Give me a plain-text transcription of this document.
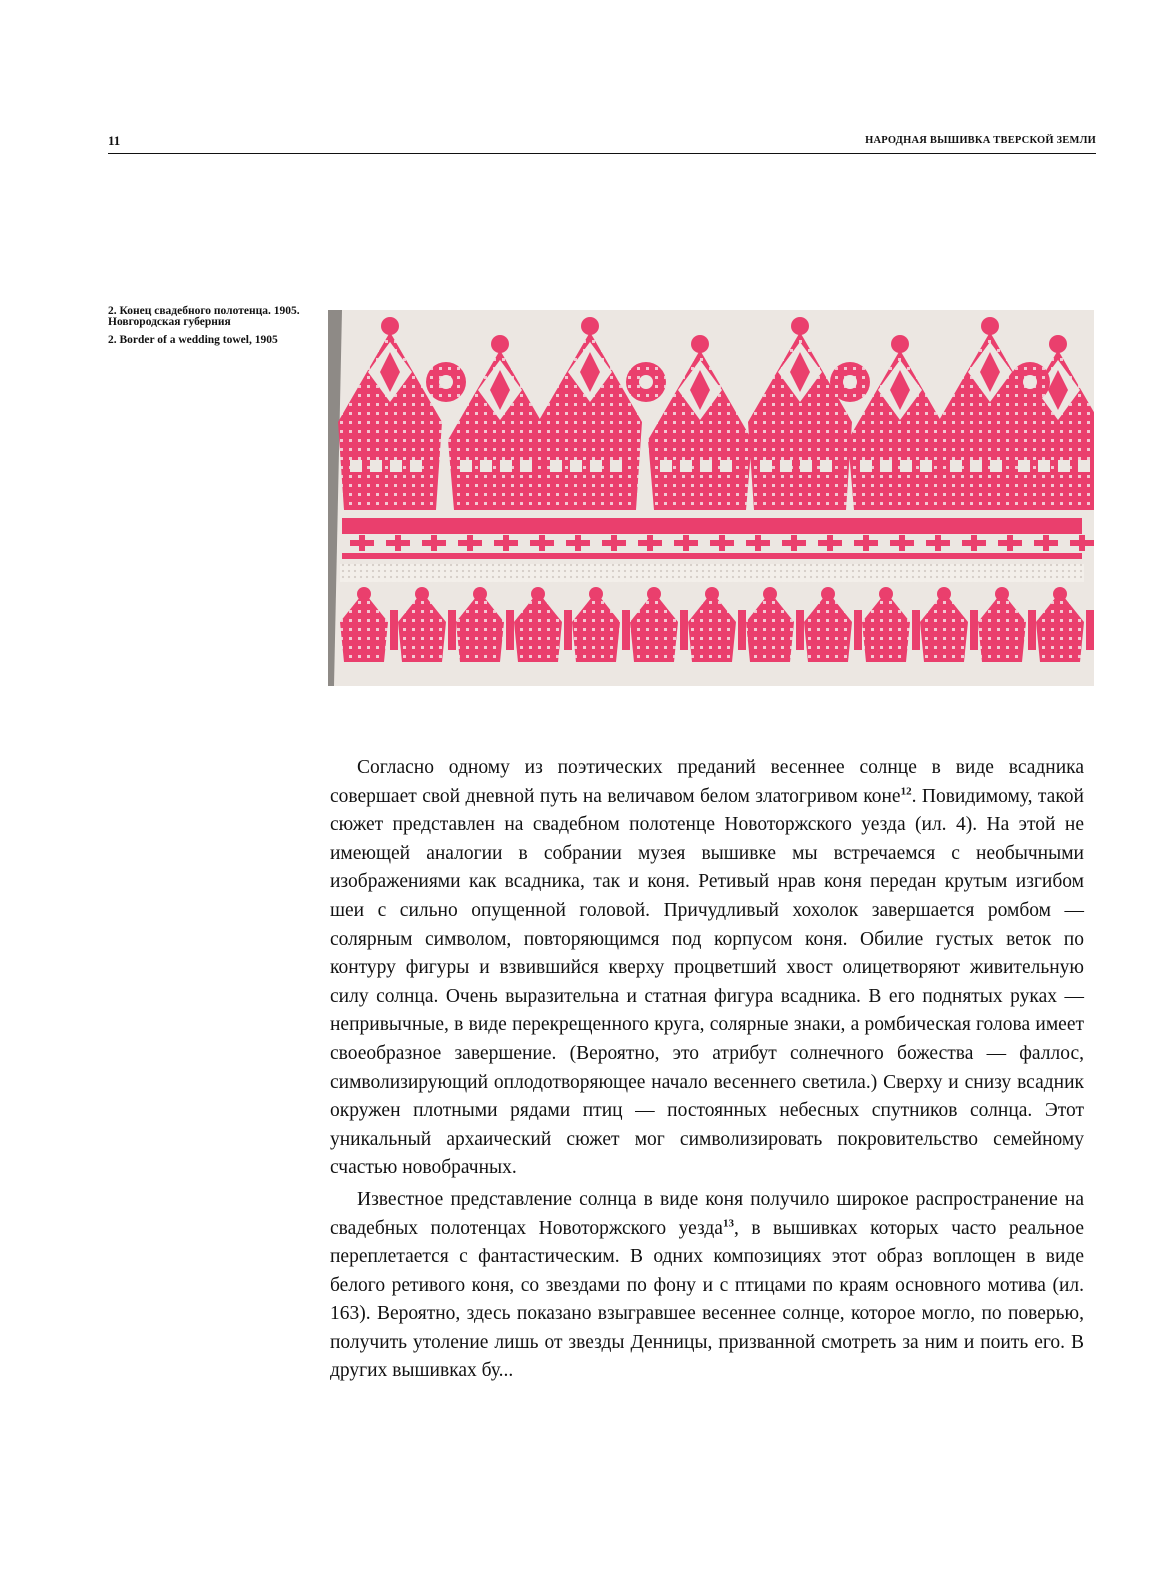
11	НАРОДНАЯ ВЫШИВКА ТВЕРСКОЙ ЗЕМЛИ

2. Конец свадебного полотенца. 1905. Новгородская губерния

2. Border of a wedding towel, 1905

Согласно одному из поэтических преданий весеннее солнце в виде всадника совершает свой дневной путь на величавом белом златогривом коне$^{12}$. Повидимому, такой сюжет представлен на свадебном полотенце Новоторжского уезда (ил. 4). На этой не имеющей аналогии в собрании музея вышивке мы встречаемся с необычными изображениями как всадника, так и коня. Ретивый нрав коня передан крутым изгибом шеи с сильно опущенной головой. Причудливый хохолок завершается ромбом — солярным символом, повторяющимся под корпусом коня. Обилие густых веток по контуру фигуры и взвившийся кверху процветший хвост олицетворяют живительную силу солнца. Очень выразительна и статная фигура всадника. В его поднятых руках — непривычные, в виде перекрещенного круга, солярные знаки, а ромбическая голова имеет своеобразное завершение. (Вероятно, это атрибут солнечного божества — фаллос, символизирующий оплодотворяющее начало весеннего светила.) Сверху и снизу всадник окружен плотными рядами птиц — постоянных небесных спутников солнца. Этот уникальный архаический сюжет мог символизировать покровительство семейному счастью новобрачных.

Известное представление солнца в виде коня получило широкое распространение на свадебных полотенцах Новоторжского уезда$^{13}$, в вышивках которых часто реальное переплетается с фантастическим. В одних композициях этот образ воплощен в виде белого ретивого коня, со звездами по фону и с птицами по краям основного мотива (ил. 163). Вероятно, здесь показано взыгравшее весеннее солнце, которое могло, по поверью, получить утоление лишь от звезды Денницы, призванной смотреть за ним и поить его. В других вышивках бу...
